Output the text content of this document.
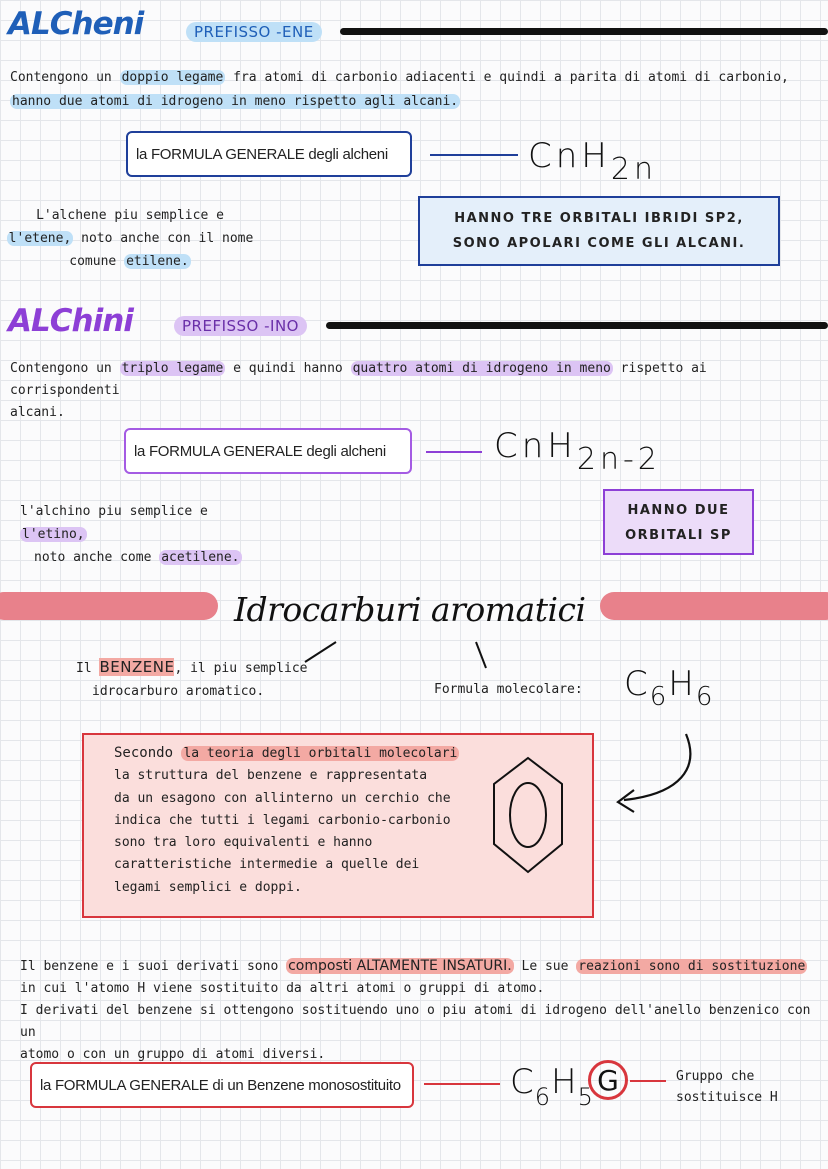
ALCheni	PREFISSO -ENE
Contengono un doppio legame fra atomi di carbonio adiacenti e quindi a parita di atomi di carbonio,
hanno due atomi di idrogeno in meno rispetto agli alcani.
la FORMULA GENERALE degli alcheni	CnH$_{2n}$
L'alchene piu semplice e
l'etene, noto anche con il nome
comune etilene.
HANNO TRE ORBITALI IBRIDI SP2,
SONO APOLARI COME GLI ALCANI.
ALChini	PREFISSO -INO
Contengono un triplo legame e quindi hanno quattro atomi di idrogeno in meno rispetto ai corrispondenti
alcani.
la FORMULA GENERALE degli alcheni	CnH$_{2n-2}$
l'alchino piu semplice e l'etino,
noto anche come acetilene.
HANNO DUE
ORBITALI SP
Idrocarburi aromatici
Il BENZENE, il piu semplice
idrocarburo aromatico.	Formula molecolare: $C_6H_6$
Secondo la teoria degli orbitali molecolari
la struttura del benzene e rappresentata
da un esagono con allinterno un cerchio che
indica che tutti i legami carbonio-carbonio
sono tra loro equivalenti e hanno
caratteristiche intermedie a quelle dei
legami semplici e doppi.
Il benzene e i suoi derivati sono composti ALTAMENTE INSATURI. Le sue reazioni sono di sostituzione
in cui l'atomo H viene sostituito da altri atomi o gruppi di atomo.
I derivati del benzene si ottengono sostituendo uno o piu atomi di idrogeno dell'anello benzenico con un
atomo o con un gruppo di atomi diversi.
la FORMULA GENERALE di un Benzene monosostituito	$C_6H_5$
G	Gruppo che
sostituisce H
